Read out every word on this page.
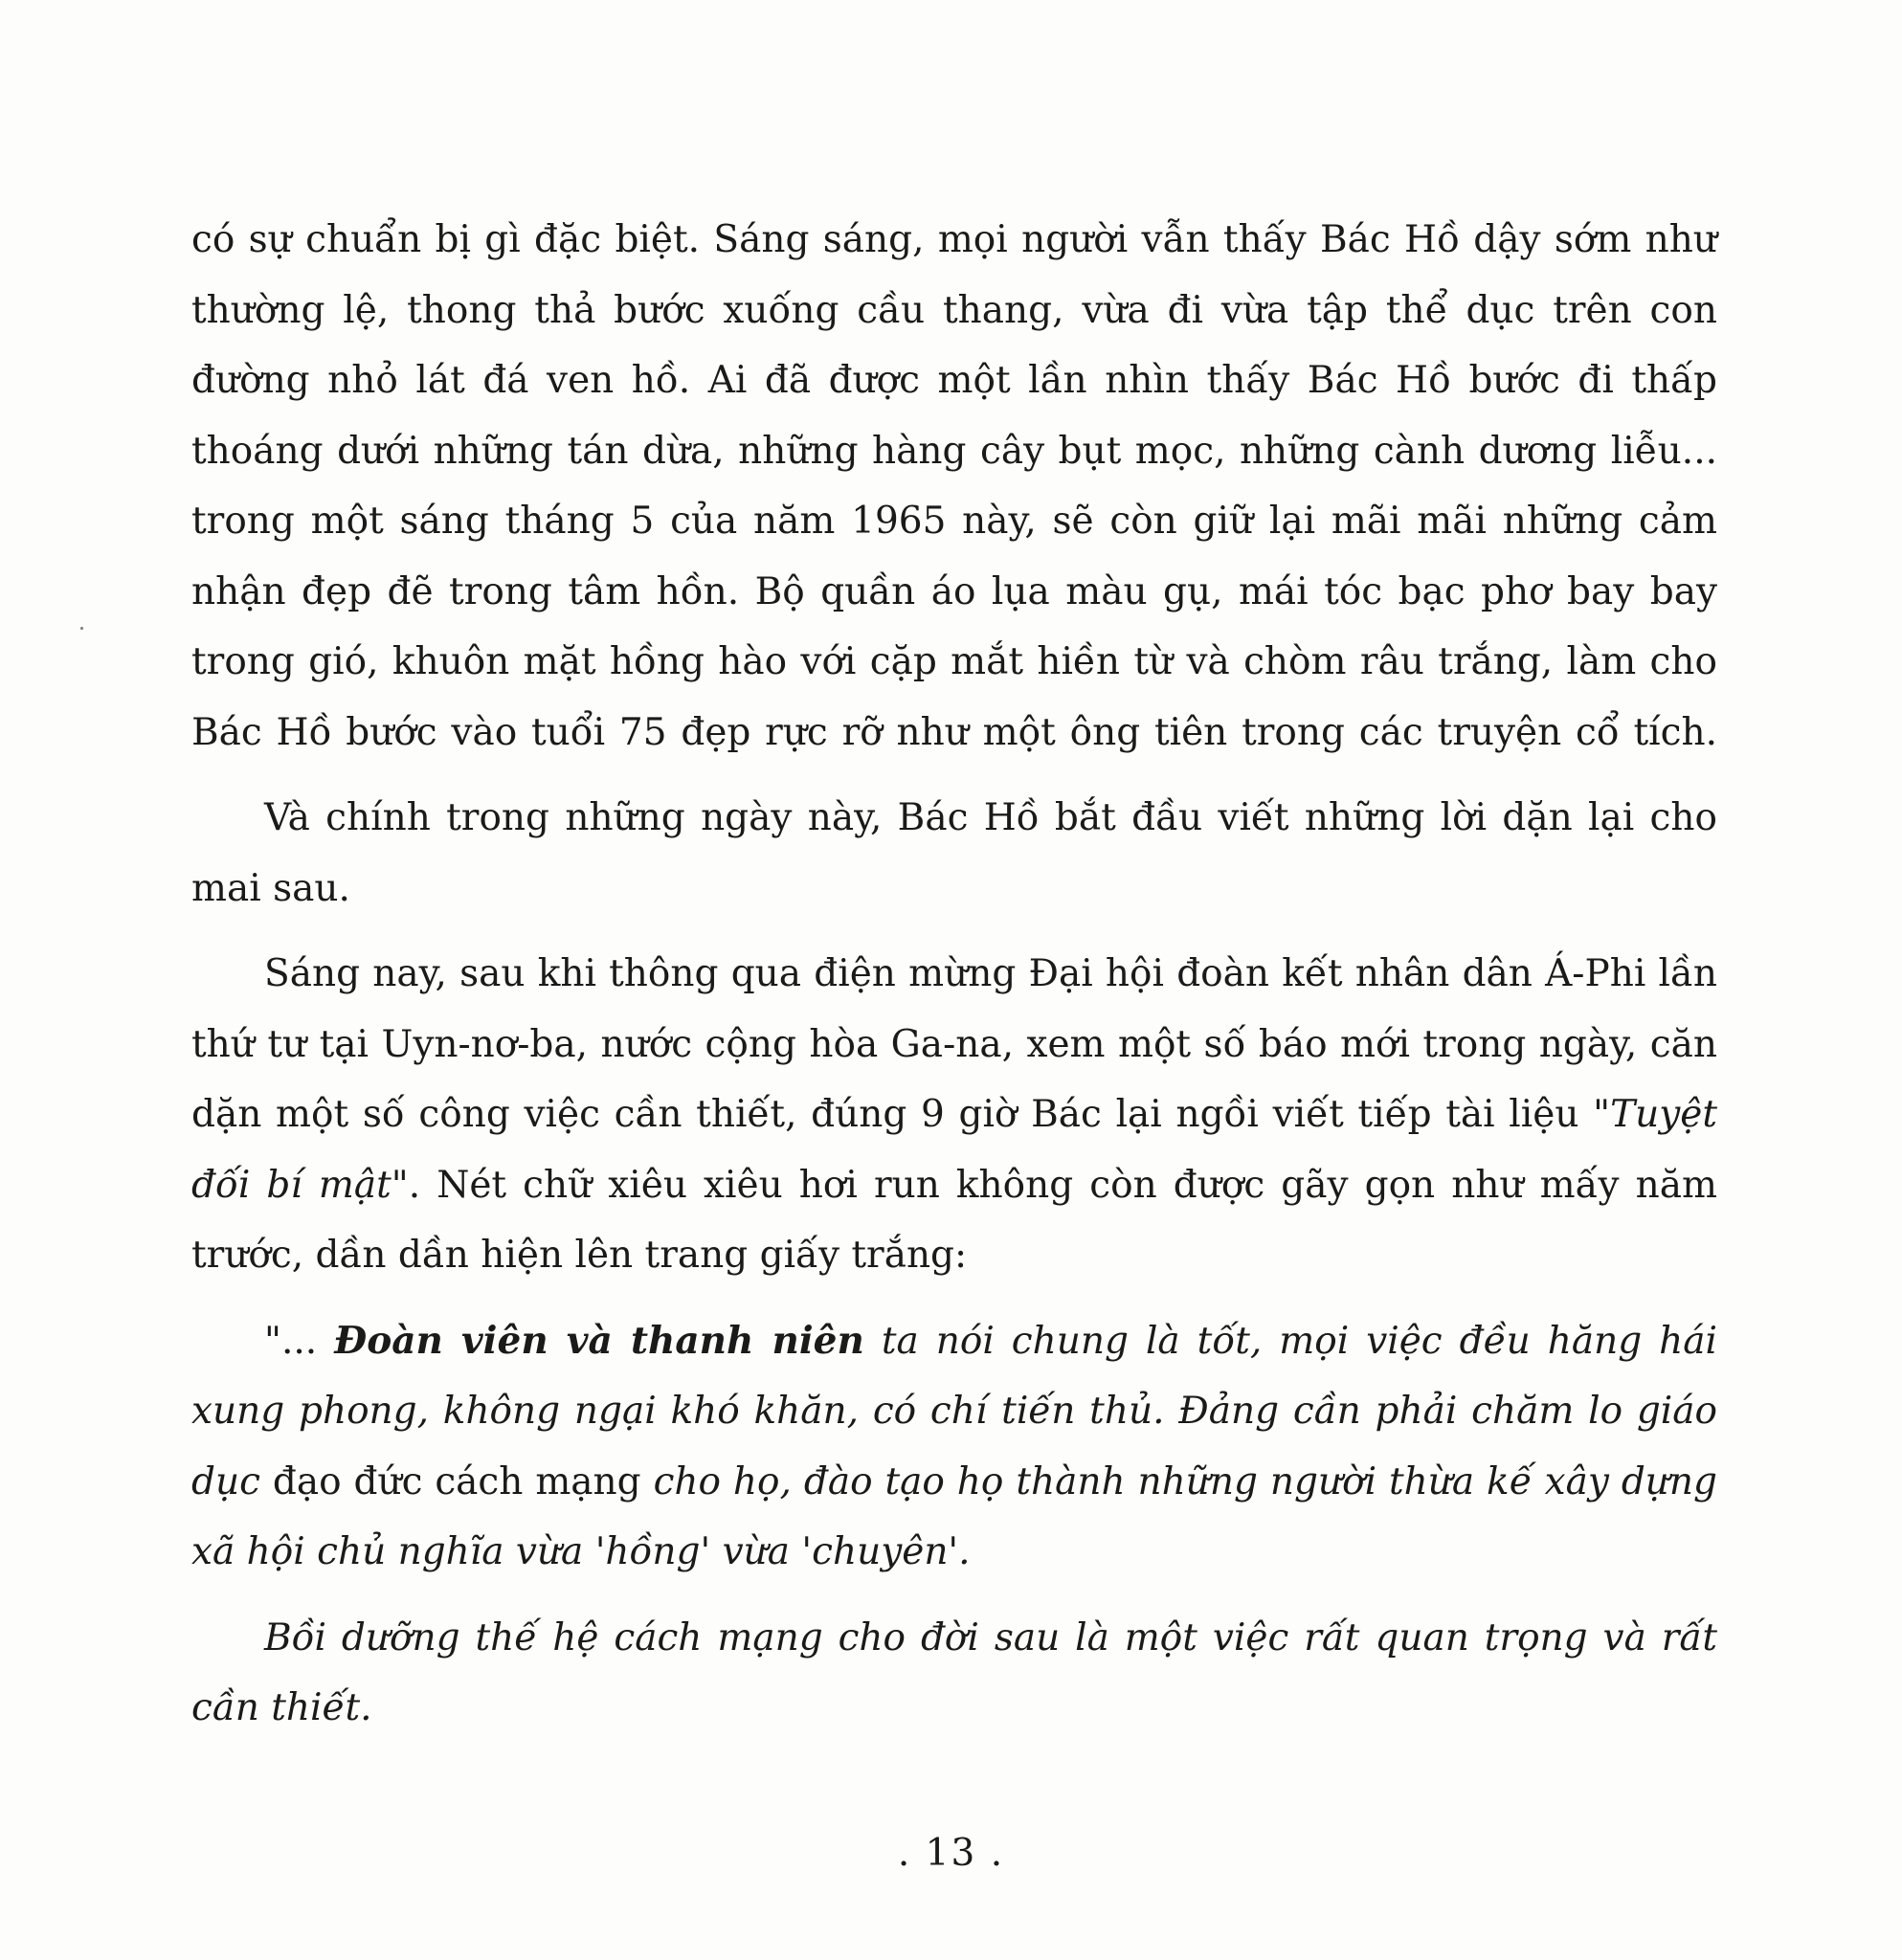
có sự chuẩn bị gì đặc biệt. Sáng sáng, mọi người vẫn thấy Bác Hồ dậy sớm như
thường lệ, thong thả bước xuống cầu thang, vừa đi vừa tập thể dục trên con
đường nhỏ lát đá ven hồ. Ai đã được một lần nhìn thấy Bác Hồ bước đi thấp
thoáng dưới những tán dừa, những hàng cây bụt mọc, những cành dương liễu...
trong một sáng tháng 5 của năm 1965 này, sẽ còn giữ lại mãi mãi những cảm
nhận đẹp đẽ trong tâm hồn. Bộ quần áo lụa màu gụ, mái tóc bạc phơ bay bay
trong gió, khuôn mặt hồng hào với cặp mắt hiền từ và chòm râu trắng, làm cho
Bác Hồ bước vào tuổi 75 đẹp rực rỡ như một ông tiên trong các truyện cổ tích.

Và chính trong những ngày này, Bác Hồ bắt đầu viết những lời dặn lại cho
mai sau.

Sáng nay, sau khi thông qua điện mừng Đại hội đoàn kết nhân dân Á-Phi lần
thứ tư tại Uyn-nơ-ba, nước cộng hòa Ga-na, xem một số báo mới trong ngày, căn
dặn một số công việc cần thiết, đúng 9 giờ Bác lại ngồi viết tiếp tài liệu "Tuyệt
đối bí mật". Nét chữ xiêu xiêu hơi run không còn được gãy gọn như mấy năm
trước, dần dần hiện lên trang giấy trắng:

"... Đoàn viên và thanh niên ta nói chung là tốt, mọi việc đều hăng hái
xung phong, không ngại khó khăn, có chí tiến thủ. Đảng cần phải chăm lo giáo
dục đạo đức cách mạng cho họ, đào tạo họ thành những người thừa kế xây dựng
xã hội chủ nghĩa vừa 'hồng' vừa 'chuyên'.

Bồi dưỡng thế hệ cách mạng cho đời sau là một việc rất quan trọng và rất
cần thiết.

. 13 .
